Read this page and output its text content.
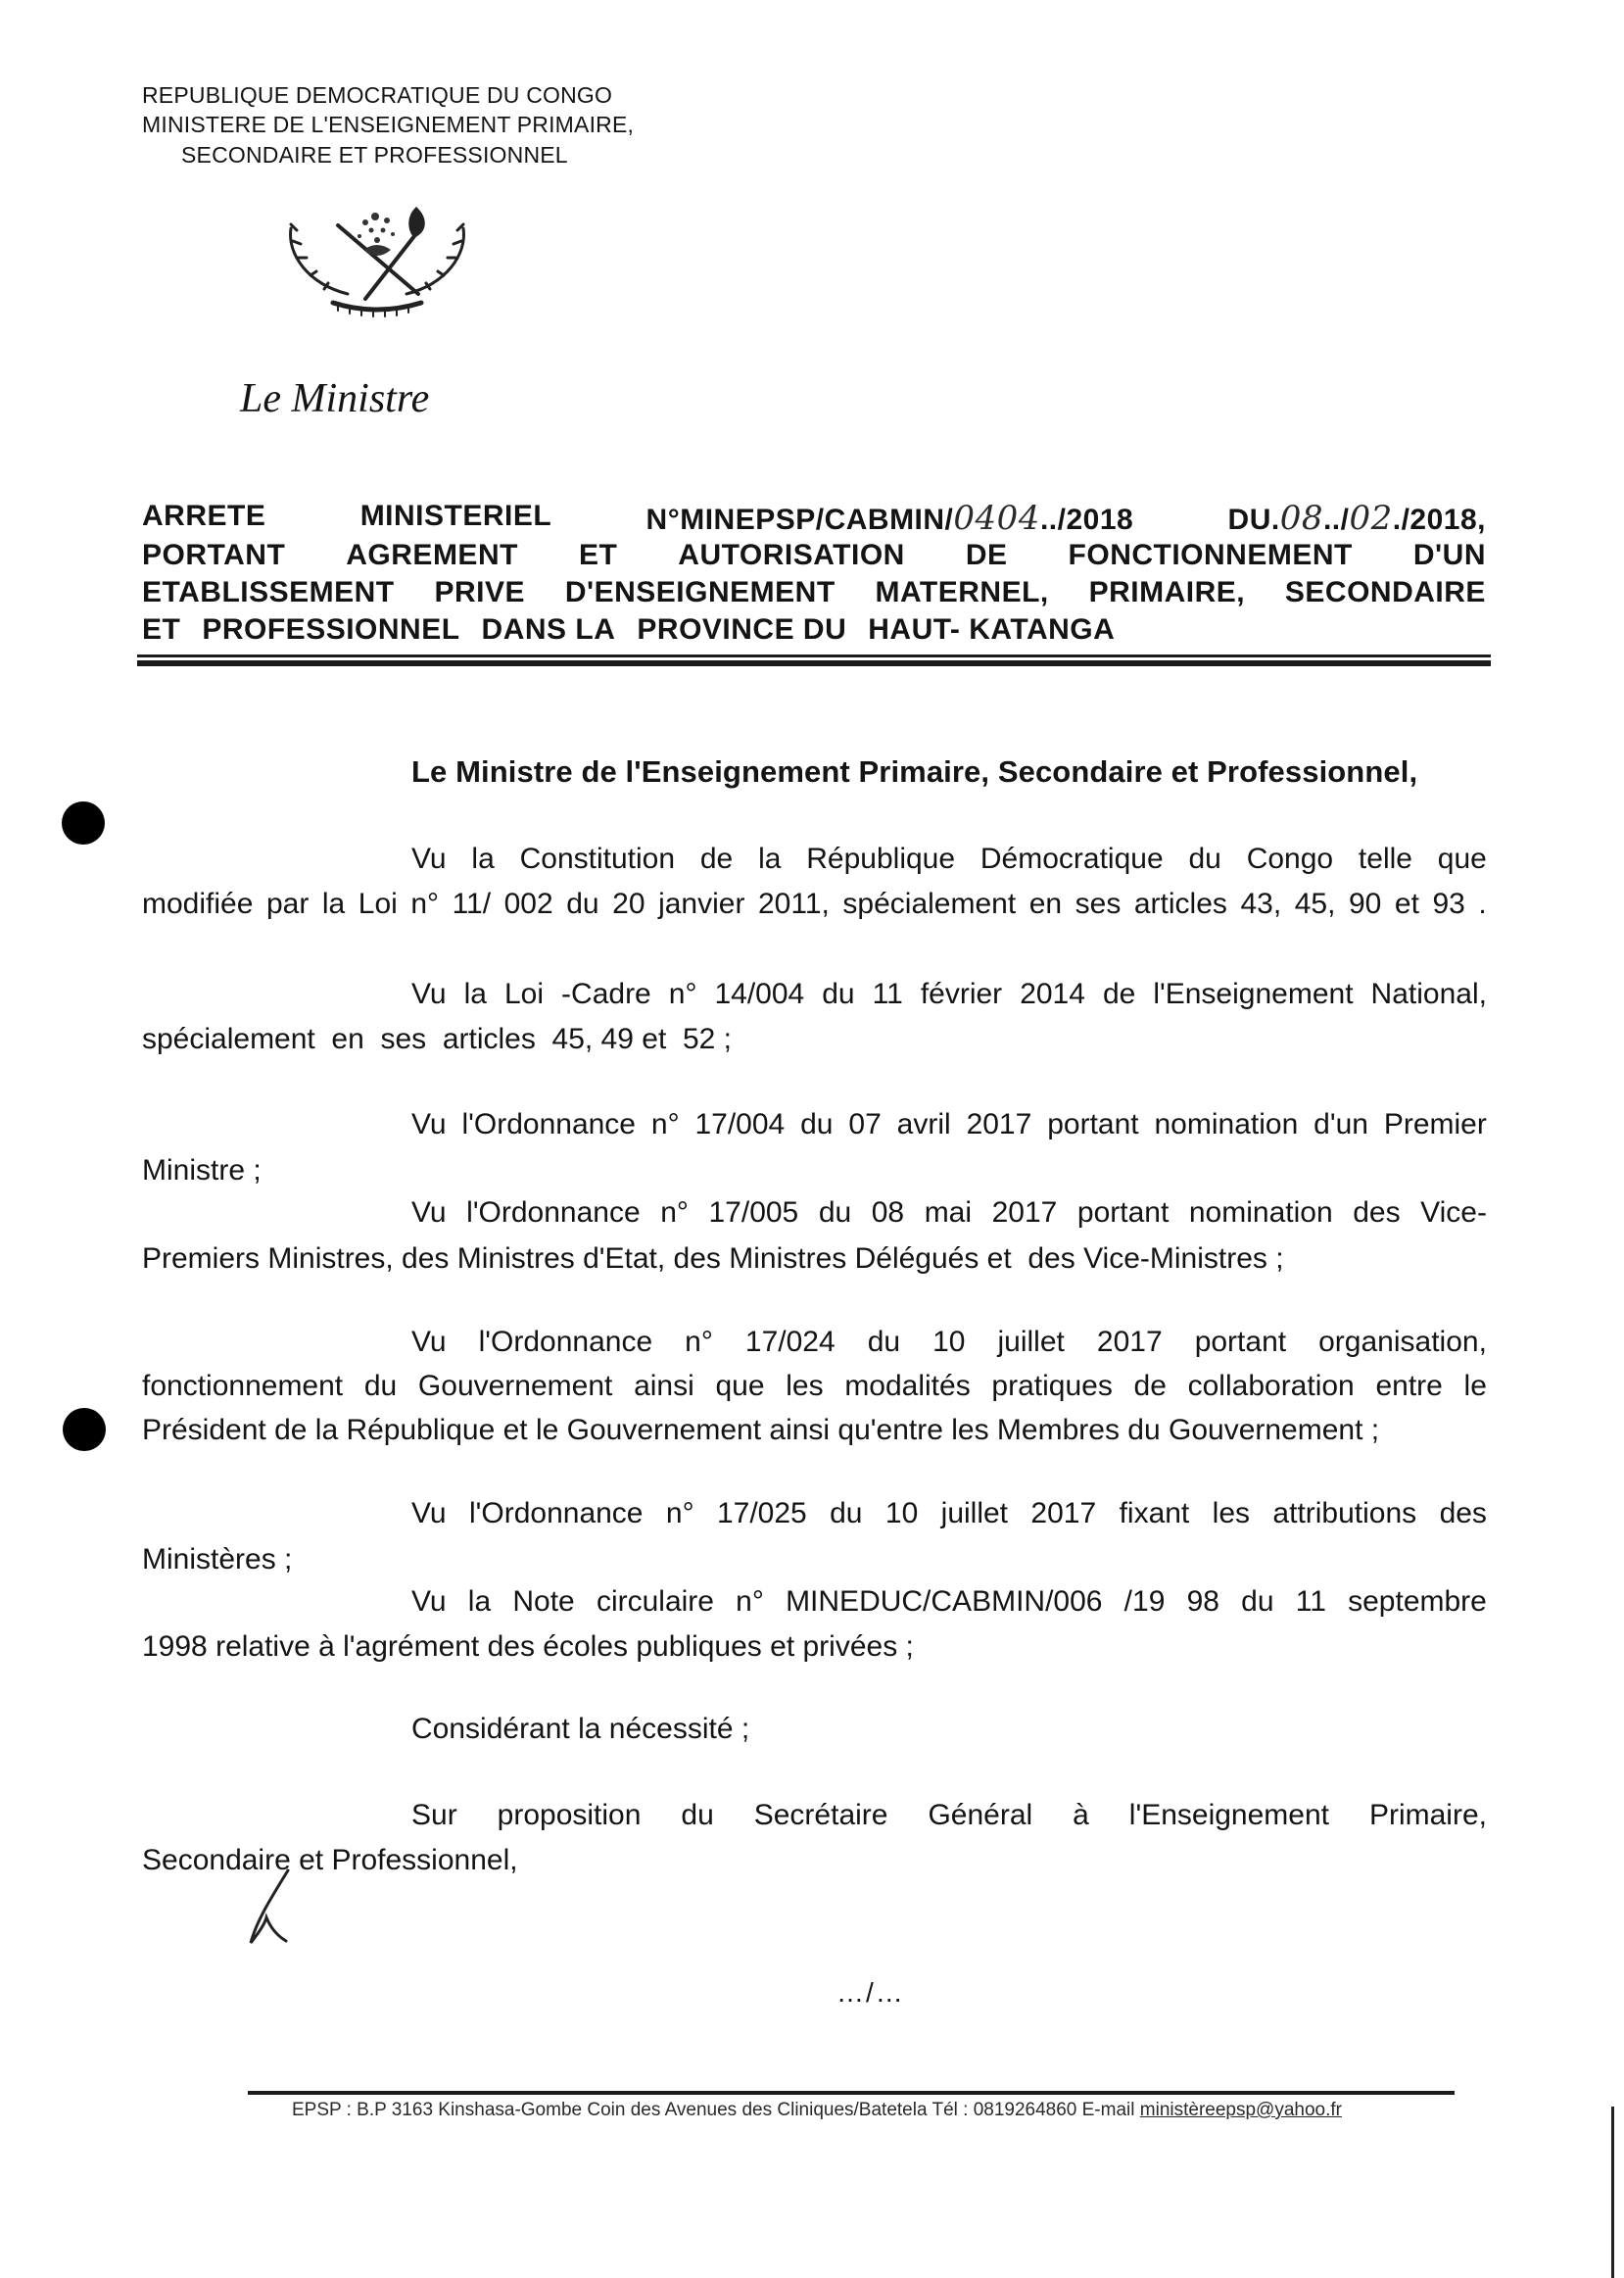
REPUBLIQUE DEMOCRATIQUE DU CONGO
MINISTERE DE L'ENSEIGNEMENT PRIMAIRE,
SECONDAIRE ET PROFESSIONNEL
Le Ministre
ARRETE	MINISTERIEL	N°MINEPSP/CABMIN/0404../2018	DU.08../02./2018,
PORTANT AGREMENT ET AUTORISATION DE FONCTIONNEMENT D'UN
ETABLISSEMENT PRIVE D'ENSEIGNEMENT MATERNEL, PRIMAIRE, SECONDAIRE
ET PROFESSIONNEL DANS LA PROVINCE DU HAUT- KATANGA
Le Ministre de l'Enseignement Primaire, Secondaire et Professionnel,
Vu la Constitution de la République Démocratique du Congo telle que
modifiée par la Loi n° 11/ 002 du 20 janvier 2011, spécialement en ses articles 43, 45, 90 et 93 .
Vu la Loi -Cadre n° 14/004 du 11 février 2014 de l'Enseignement National,
spécialement  en  ses  articles  45, 49 et  52 ;
Vu l'Ordonnance n° 17/004 du 07 avril 2017 portant nomination d'un Premier
Ministre ;
Vu l'Ordonnance n° 17/005 du 08 mai 2017 portant nomination des Vice-
Premiers Ministres, des Ministres d'Etat, des Ministres Délégués et  des Vice-Ministres ;
Vu l'Ordonnance n° 17/024 du 10 juillet 2017 portant organisation,
fonctionnement du Gouvernement ainsi que les modalités pratiques de collaboration entre le
Président de la République et le Gouvernement ainsi qu'entre les Membres du Gouvernement ;
Vu l'Ordonnance n° 17/025 du 10 juillet 2017 fixant les attributions des
Ministères ;
Vu la Note circulaire n° MINEDUC/CABMIN/006 /19 98 du 11 septembre
1998 relative à l'agrément des écoles publiques et privées ;
Considérant la nécessité ;
Sur proposition du Secrétaire Général à l'Enseignement Primaire,
Secondaire et Professionnel,
…/…
EPSP : B.P 3163 Kinshasa-Gombe Coin des Avenues des Cliniques/Batetela Tél : 0819264860 E-mail ministèreepsp@yahoo.fr
